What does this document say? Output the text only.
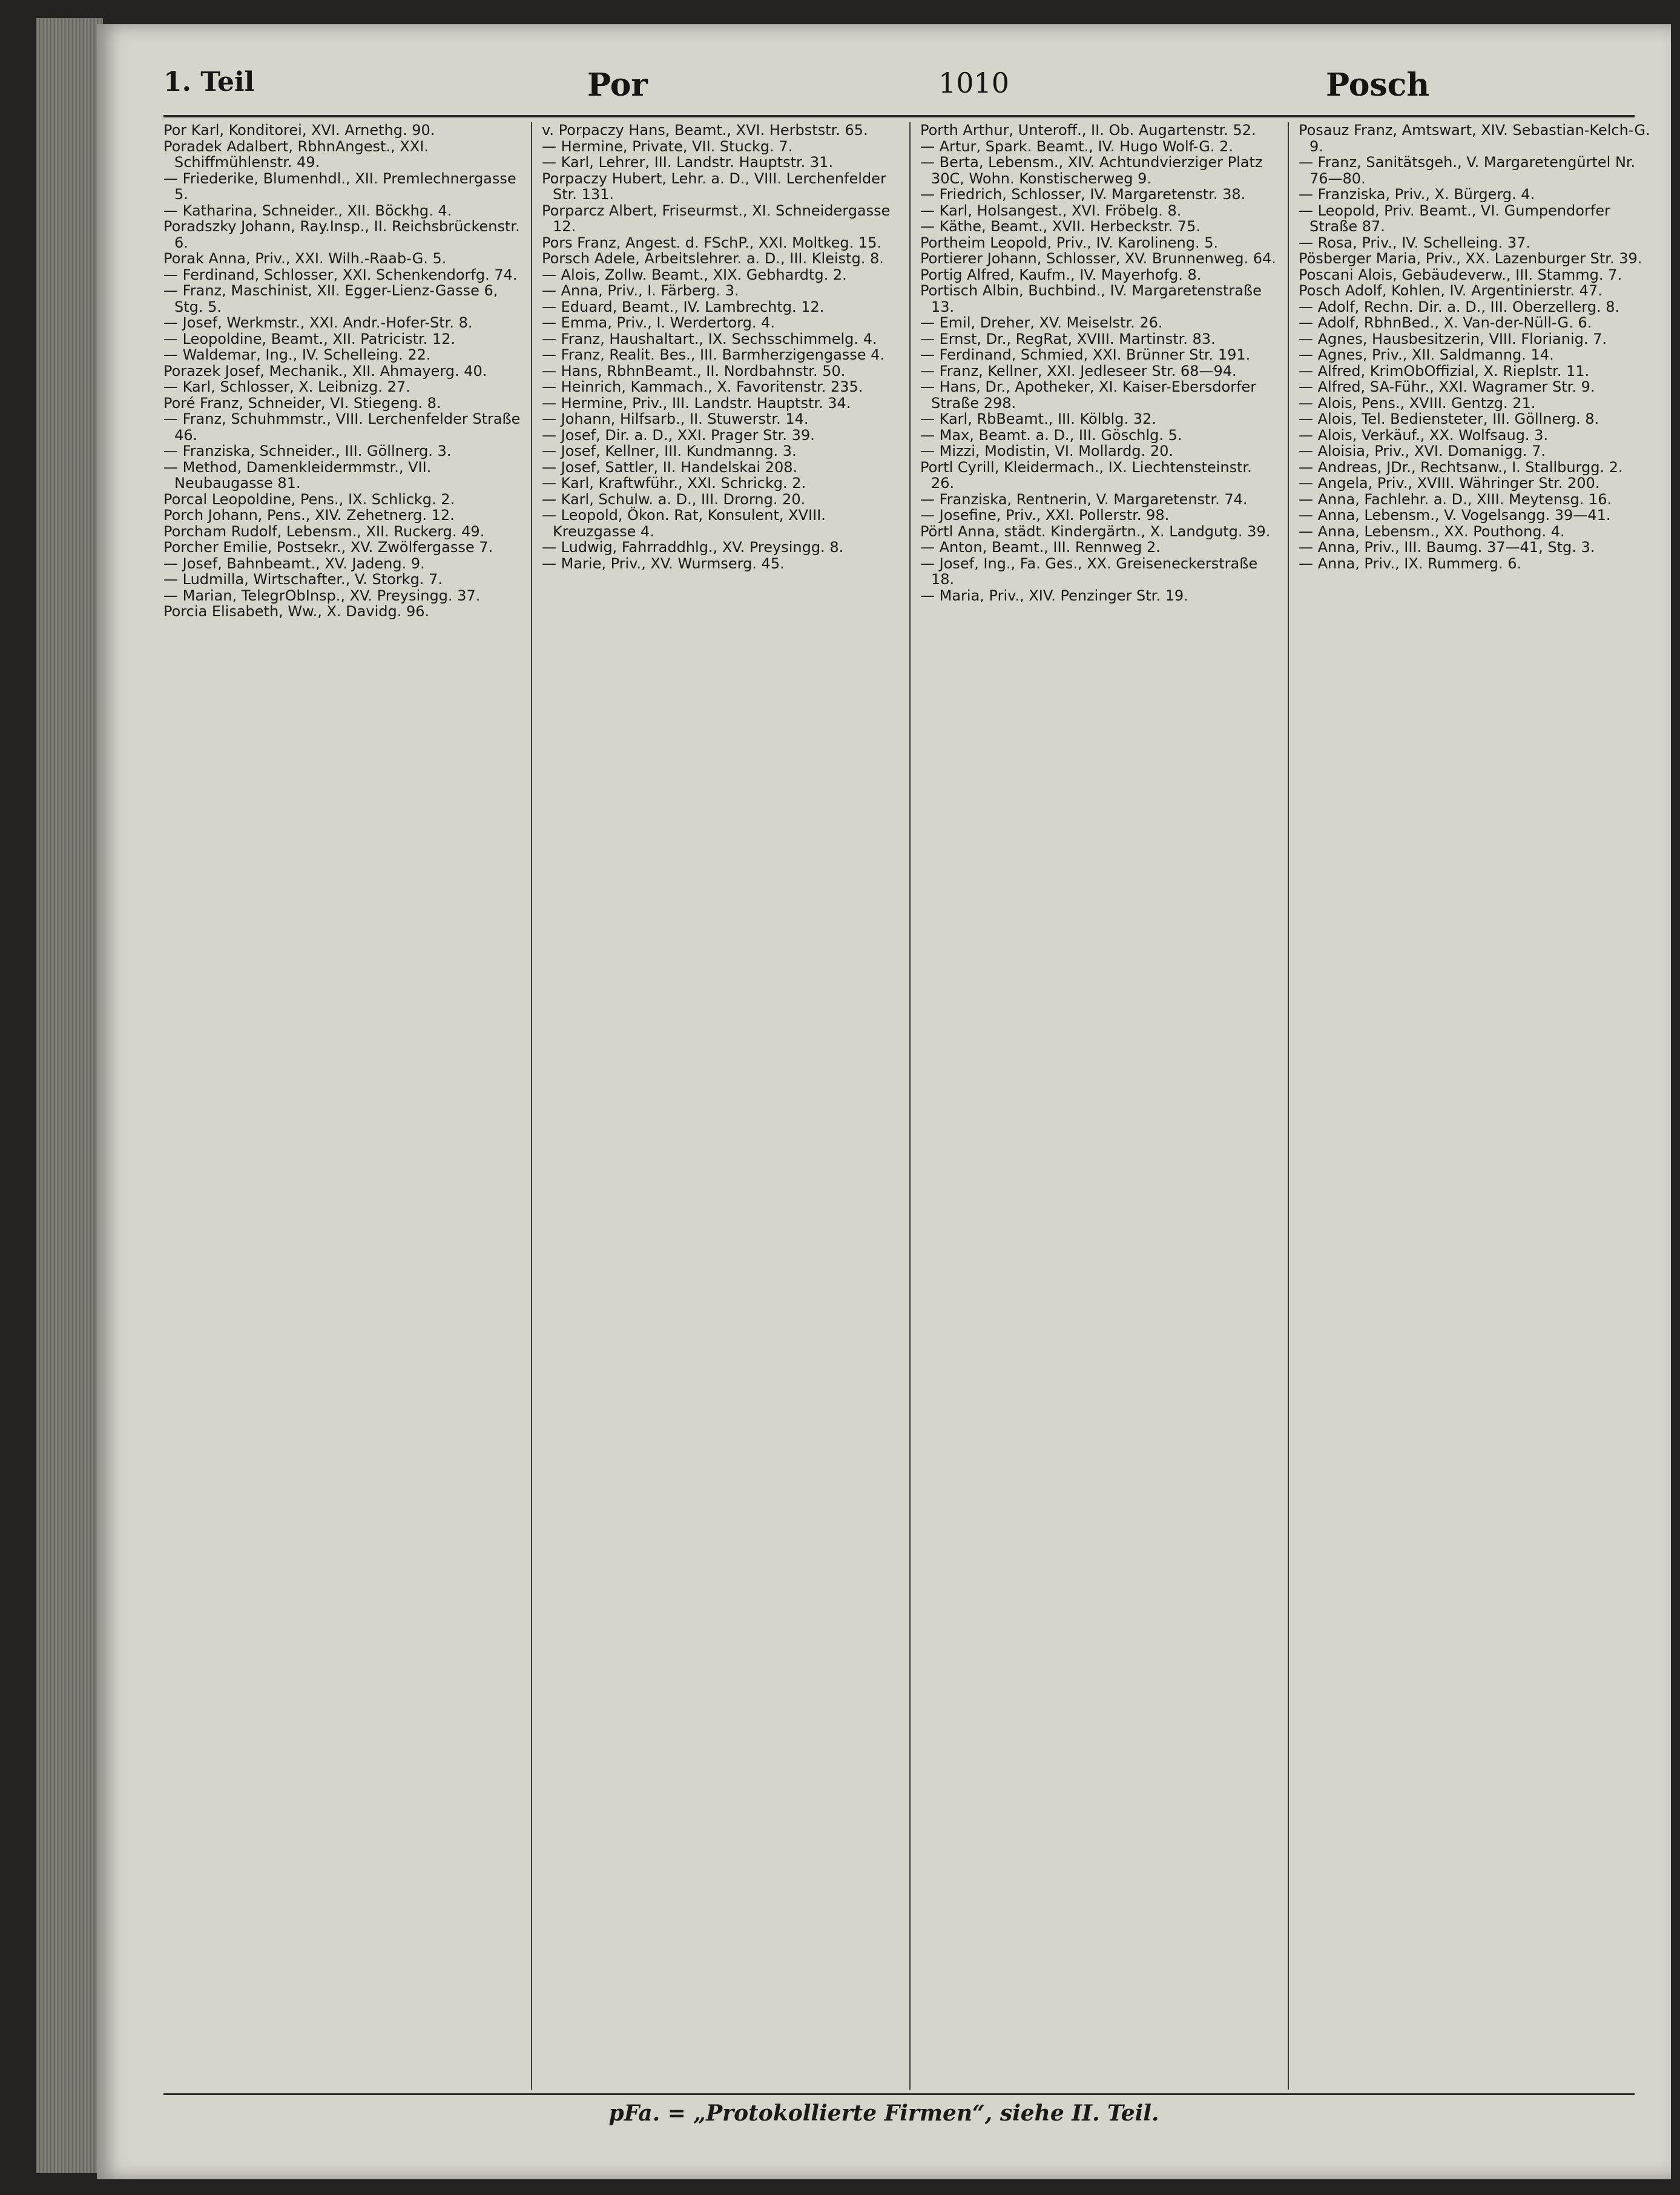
1. Teil	Por	1010	Posch

Por Karl, Konditorei, XVI. Arnethg. 90.

Poradek Adalbert, RbhnAngest., XXI. Schiffmühlenstr. 49.

— Friederike, Blumenhdl., XII. Premlechnergasse 5.

— Katharina, Schneider., XII. Böckhg. 4.

Poradszky Johann, Ray.Insp., II. Reichsbrückenstr. 6.

Porak Anna, Priv., XXI. Wilh.-Raab-G. 5.

— Ferdinand, Schlosser, XXI. Schenkendorfg. 74.

— Franz, Maschinist, XII. Egger-Lienz-Gasse 6, Stg. 5.

— Josef, Werkmstr., XXI. Andr.-Hofer-Str. 8.

— Leopoldine, Beamt., XII. Patricistr. 12.

— Waldemar, Ing., IV. Schelleing. 22.

Porazek Josef, Mechanik., XII. Ahmayerg. 40.

— Karl, Schlosser, X. Leibnizg. 27.

Poré Franz, Schneider, VI. Stiegeng. 8.

— Franz, Schuhmmstr., VIII. Lerchenfelder Straße 46.

— Franziska, Schneider., III. Göllnerg. 3.

— Method, Damenkleidermmstr., VII. Neubaugasse 81.

Porcal Leopoldine, Pens., IX. Schlickg. 2.

Porch Johann, Pens., XIV. Zehetnerg. 12.

Porcham Rudolf, Lebensm., XII. Ruckerg. 49.

Porcher Emilie, Postsekr., XV. Zwölfergasse 7.

— Josef, Bahnbeamt., XV. Jadeng. 9.

— Ludmilla, Wirtschafter., V. Storkg. 7.

— Marian, TelegrObInsp., XV. Preysingg. 37.

Porcia Elisabeth, Ww., X. Davidg. 96.

v. Porpaczy Hans, Beamt., XVI. Herbststr. 65.

— Hermine, Private, VII. Stuckg. 7.

— Karl, Lehrer, III. Landstr. Hauptstr. 31.

Porpaczy Hubert, Lehr. a. D., VIII. Lerchenfelder Str. 131.

Porparcz Albert, Friseurmst., XI. Schneidergasse 12.

Pors Franz, Angest. d. FSchP., XXI. Moltkeg. 15.

Porsch Adele, Arbeitslehrer. a. D., III. Kleistg. 8.

— Alois, Zollw. Beamt., XIX. Gebhardtg. 2.

— Anna, Priv., I. Färberg. 3.

— Eduard, Beamt., IV. Lambrechtg. 12.

— Emma, Priv., I. Werdertorg. 4.

— Franz, Haushaltart., IX. Sechsschimmelg. 4.

— Franz, Realit. Bes., III. Barmherzigengasse 4.

— Hans, RbhnBeamt., II. Nordbahnstr. 50.

— Heinrich, Kammach., X. Favoritenstr. 235.

— Hermine, Priv., III. Landstr. Hauptstr. 34.

— Johann, Hilfsarb., II. Stuwerstr. 14.

— Josef, Dir. a. D., XXI. Prager Str. 39.

— Josef, Kellner, III. Kundmanng. 3.

— Josef, Sattler, II. Handelskai 208.

— Karl, Kraftwführ., XXI. Schrickg. 2.

— Karl, Schulw. a. D., III. Drorng. 20.

— Leopold, Ökon. Rat, Konsulent, XVIII. Kreuzgasse 4.

— Ludwig, Fahrraddhlg., XV. Preysingg. 8.

— Marie, Priv., XV. Wurmserg. 45.

Porth Arthur, Unteroff., II. Ob. Augartenstr. 52.

— Artur, Spark. Beamt., IV. Hugo Wolf-G. 2.

— Berta, Lebensm., XIV. Achtundvierziger Platz 30C, Wohn. Konstischerweg 9.

— Friedrich, Schlosser, IV. Margaretenstr. 38.

— Karl, Holsangest., XVI. Fröbelg. 8.

— Käthe, Beamt., XVII. Herbeckstr. 75.

Portheim Leopold, Priv., IV. Karolineng. 5.

Portierer Johann, Schlosser, XV. Brunnenweg. 64.

Portig Alfred, Kaufm., IV. Mayerhofg. 8.

Portisch Albin, Buchbind., IV. Margaretenstraße 13.

— Emil, Dreher, XV. Meiselstr. 26.

— Ernst, Dr., RegRat, XVIII. Martinstr. 83.

— Ferdinand, Schmied, XXI. Brünner Str. 191.

— Franz, Kellner, XXI. Jedleseer Str. 68—94.

— Hans, Dr., Apotheker, XI. Kaiser-Ebersdorfer Straße 298.

— Karl, RbBeamt., III. Kölblg. 32.

— Max, Beamt. a. D., III. Göschlg. 5.

— Mizzi, Modistin, VI. Mollardg. 20.

Portl Cyrill, Kleidermach., IX. Liechtensteinstr. 26.

— Franziska, Rentnerin, V. Margaretenstr. 74.

— Josefine, Priv., XXI. Pollerstr. 98.

Pörtl Anna, städt. Kindergärtn., X. Landgutg. 39.

— Anton, Beamt., III. Rennweg 2.

— Josef, Ing., Fa. Ges., XX. Greiseneckerstraße 18.

— Maria, Priv., XIV. Penzinger Str. 19.

Posauz Franz, Amtswart, XIV. Sebastian-Kelch-G. 9.

— Franz, Sanitätsgeh., V. Margaretengürtel Nr. 76—80.

— Franziska, Priv., X. Bürgerg. 4.

— Leopold, Priv. Beamt., VI. Gumpendorfer Straße 87.

— Rosa, Priv., IV. Schelleing. 37.

Pösberger Maria, Priv., XX. Lazenburger Str. 39.

Poscani Alois, Gebäudeverw., III. Stammg. 7.

Posch Adolf, Kohlen, IV. Argentinierstr. 47.

— Adolf, Rechn. Dir. a. D., III. Oberzellerg. 8.

— Adolf, RbhnBed., X. Van-der-Nüll-G. 6.

— Agnes, Hausbesitzerin, VIII. Florianig. 7.

— Agnes, Priv., XII. Saldmanng. 14.

— Alfred, KrimObOffizial, X. Rieplstr. 11.

— Alfred, SA-Führ., XXI. Wagramer Str. 9.

— Alois, Pens., XVIII. Gentzg. 21.

— Alois, Tel. Bediensteter, III. Göllnerg. 8.

— Alois, Verkäuf., XX. Wolfsaug. 3.

— Aloisia, Priv., XVI. Domanigg. 7.

— Andreas, JDr., Rechtsanw., I. Stallburgg. 2.

— Angela, Priv., XVIII. Währinger Str. 200.

— Anna, Fachlehr. a. D., XIII. Meytensg. 16.

— Anna, Lebensm., V. Vogelsangg. 39—41.

— Anna, Lebensm., XX. Pouthong. 4.

— Anna, Priv., III. Baumg. 37—41, Stg. 3.

— Anna, Priv., IX. Rummerg. 6.

pFa. = „Protokollierte Firmen“, siehe II. Teil.
